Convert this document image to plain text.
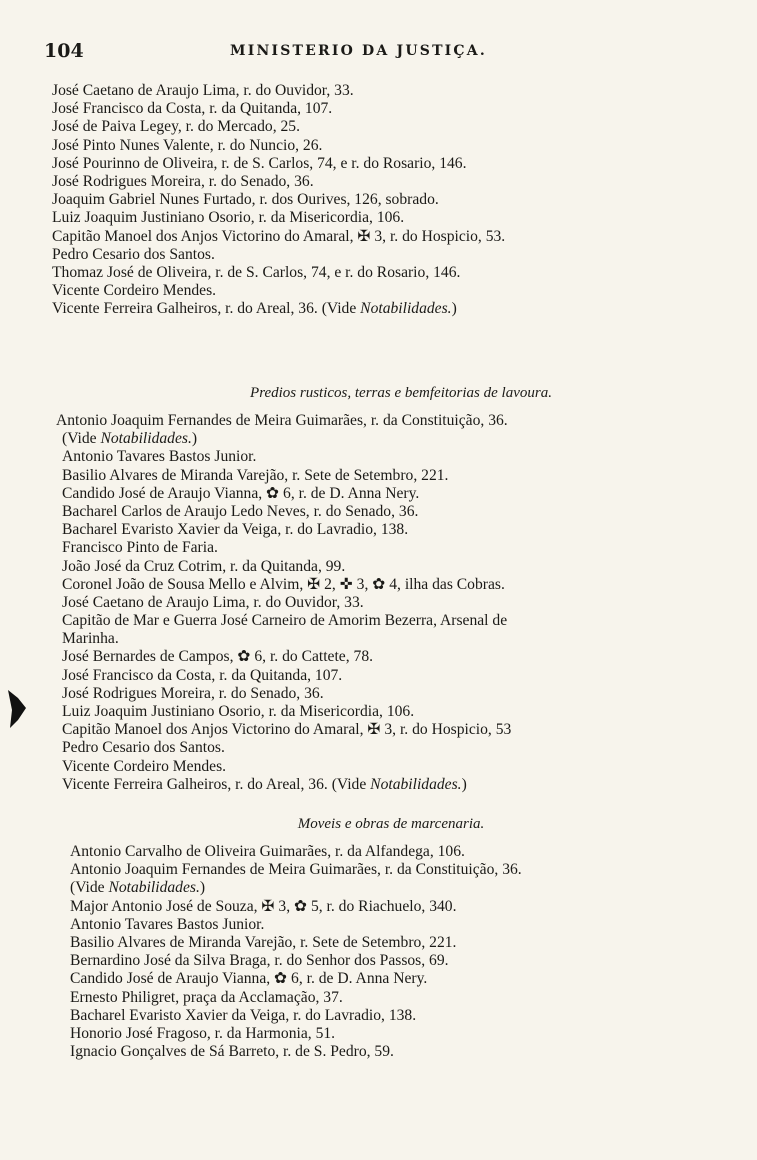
104	MINISTERIO DA JUSTIÇA.
José Caetano de Araujo Lima, r. do Ouvidor, 33.
José Francisco da Costa, r. da Quitanda, 107.
José de Paiva Legey, r. do Mercado, 25.
José Pinto Nunes Valente, r. do Nuncio, 26.
José Pourinno de Oliveira, r. de S. Carlos, 74, e r. do Rosario, 146.
José Rodrigues Moreira, r. do Senado, 36.
Joaquim Gabriel Nunes Furtado, r. dos Ourives, 126, sobrado.
Luiz Joaquim Justiniano Osorio, r. da Misericordia, 106.
Capitão Manoel dos Anjos Victorino do Amaral, ✠ 3, r. do Hospicio, 53.
Pedro Cesario dos Santos.
Thomaz José de Oliveira, r. de S. Carlos, 74, e r. do Rosario, 146.
Vicente Cordeiro Mendes.
Vicente Ferreira Galheiros, r. do Areal, 36. (Vide Notabilidades.)
Predios rusticos, terras e bemfeitorias de lavoura.
Antonio Joaquim Fernandes de Meira Guimarães, r. da Constituição, 36.
(Vide Notabilidades.)
Antonio Tavares Bastos Junior.
Basilio Alvares de Miranda Varejão, r. Sete de Setembro, 221.
Candido José de Araujo Vianna, ✿ 6, r. de D. Anna Nery.
Bacharel Carlos de Araujo Ledo Neves, r. do Senado, 36.
Bacharel Evaristo Xavier da Veiga, r. do Lavradio, 138.
Francisco Pinto de Faria.
João José da Cruz Cotrim, r. da Quitanda, 99.
Coronel João de Sousa Mello e Alvim, ✠ 2, ✜ 3, ✿ 4, ilha das Cobras.
José Caetano de Araujo Lima, r. do Ouvidor, 33.
Capitão de Mar e Guerra José Carneiro de Amorim Bezerra, Arsenal de
Marinha.
José Bernardes de Campos, ✿ 6, r. do Cattete, 78.
José Francisco da Costa, r. da Quitanda, 107.
José Rodrigues Moreira, r. do Senado, 36.
Luiz Joaquim Justiniano Osorio, r. da Misericordia, 106.
Capitão Manoel dos Anjos Victorino do Amaral, ✠ 3, r. do Hospicio, 53
Pedro Cesario dos Santos.
Vicente Cordeiro Mendes.
Vicente Ferreira Galheiros, r. do Areal, 36. (Vide Notabilidades.)
Moveis e obras de marcenaria.
Antonio Carvalho de Oliveira Guimarães, r. da Alfandega, 106.
Antonio Joaquim Fernandes de Meira Guimarães, r. da Constituição, 36.
(Vide Notabilidades.)
Major Antonio José de Souza, ✠ 3, ✿ 5, r. do Riachuelo, 340.
Antonio Tavares Bastos Junior.
Basilio Alvares de Miranda Varejão, r. Sete de Setembro, 221.
Bernardino José da Silva Braga, r. do Senhor dos Passos, 69.
Candido José de Araujo Vianna, ✿ 6, r. de D. Anna Nery.
Ernesto Philigret, praça da Acclamação, 37.
Bacharel Evaristo Xavier da Veiga, r. do Lavradio, 138.
Honorio José Fragoso, r. da Harmonia, 51.
Ignacio Gonçalves de Sá Barreto, r. de S. Pedro, 59.
